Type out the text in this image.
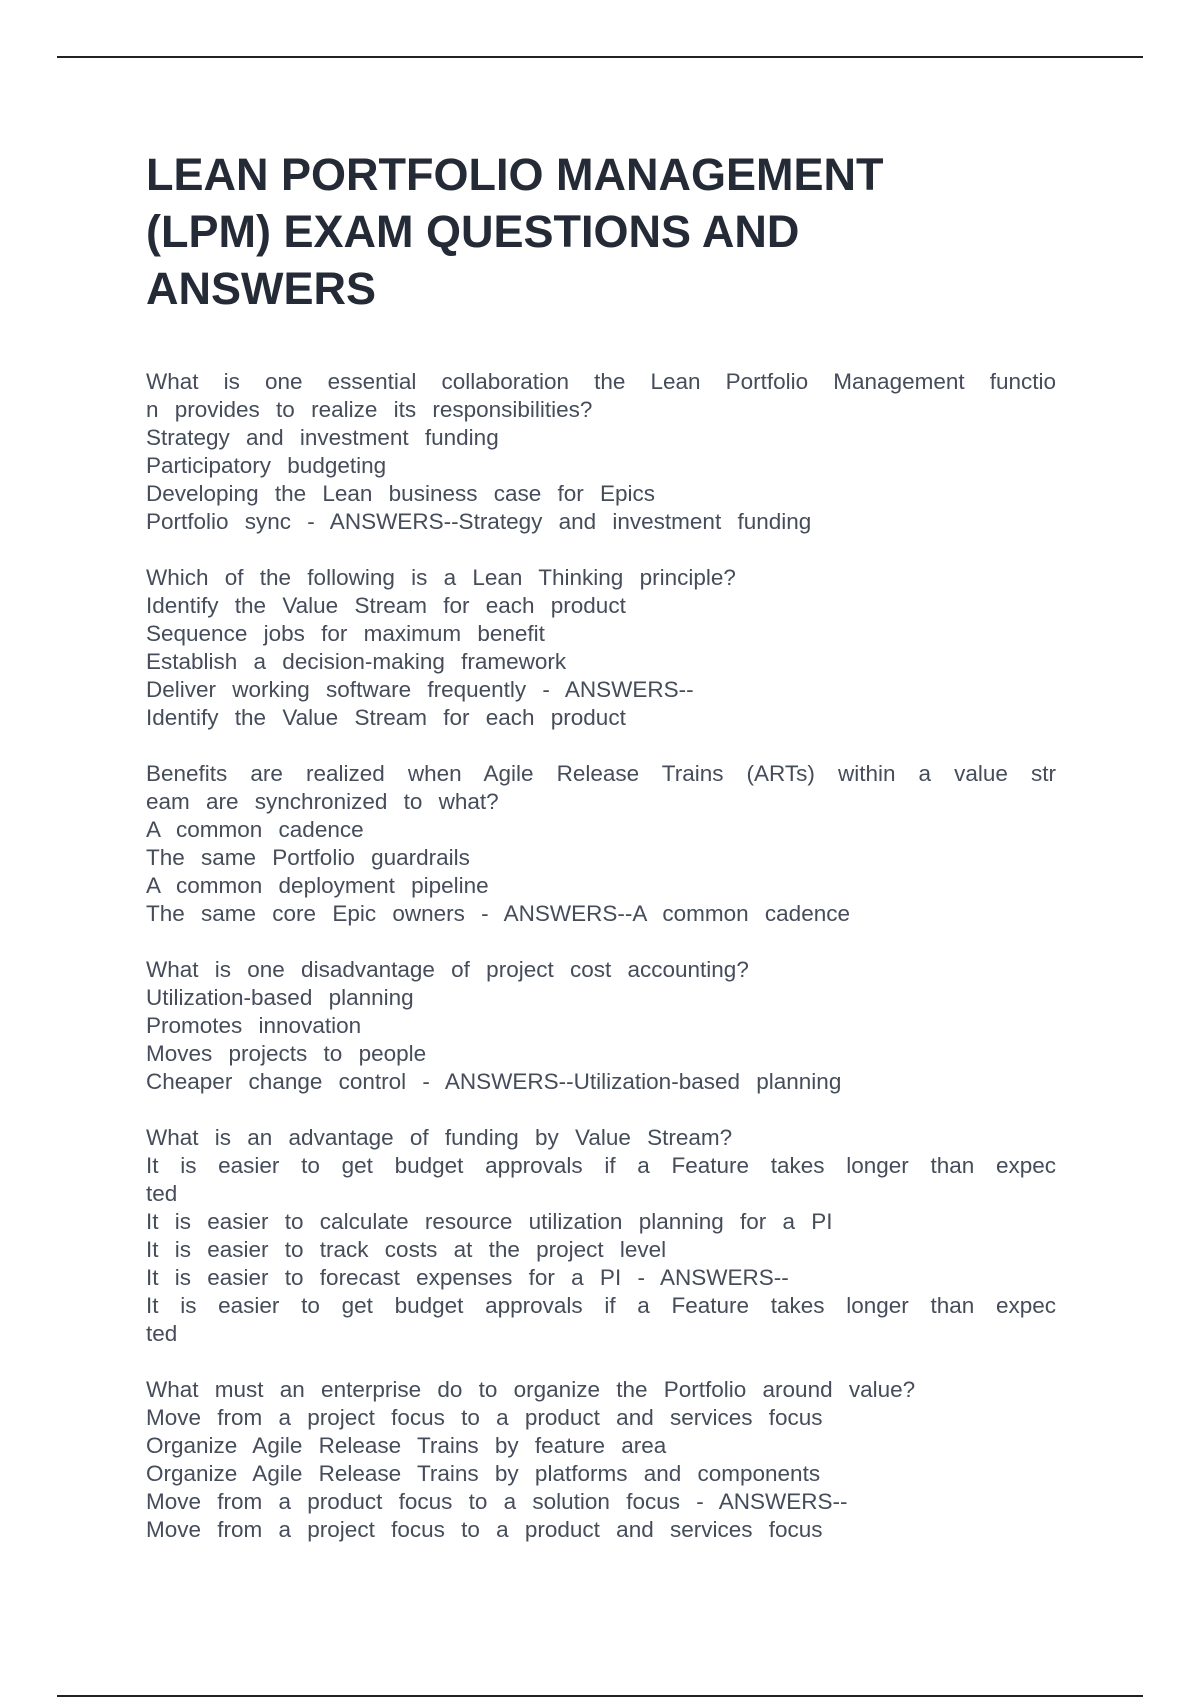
LEAN PORTFOLIO MANAGEMENT
(LPM) EXAM QUESTIONS AND
ANSWERS
What is one essential collaboration the Lean Portfolio Management functio
n provides to realize its responsibilities?
Strategy and investment funding
Participatory budgeting
Developing the Lean business case for Epics
Portfolio sync - ANSWERS--Strategy and investment funding
Which of the following is a Lean Thinking principle?
Identify the Value Stream for each product
Sequence jobs for maximum benefit
Establish a decision-making framework
Deliver working software frequently - ANSWERS--
Identify the Value Stream for each product
Benefits are realized when Agile Release Trains (ARTs) within a value str
eam are synchronized to what?
A common cadence
The same Portfolio guardrails
A common deployment pipeline
The same core Epic owners - ANSWERS--A common cadence
What is one disadvantage of project cost accounting?
Utilization-based planning
Promotes innovation
Moves projects to people
Cheaper change control - ANSWERS--Utilization-based planning
What is an advantage of funding by Value Stream?
It is easier to get budget approvals if a Feature takes longer than expec
ted
It is easier to calculate resource utilization planning for a PI
It is easier to track costs at the project level
It is easier to forecast expenses for a PI - ANSWERS--
It is easier to get budget approvals if a Feature takes longer than expec
ted
What must an enterprise do to organize the Portfolio around value?
Move from a project focus to a product and services focus
Organize Agile Release Trains by feature area
Organize Agile Release Trains by platforms and components
Move from a product focus to a solution focus - ANSWERS--
Move from a project focus to a product and services focus
